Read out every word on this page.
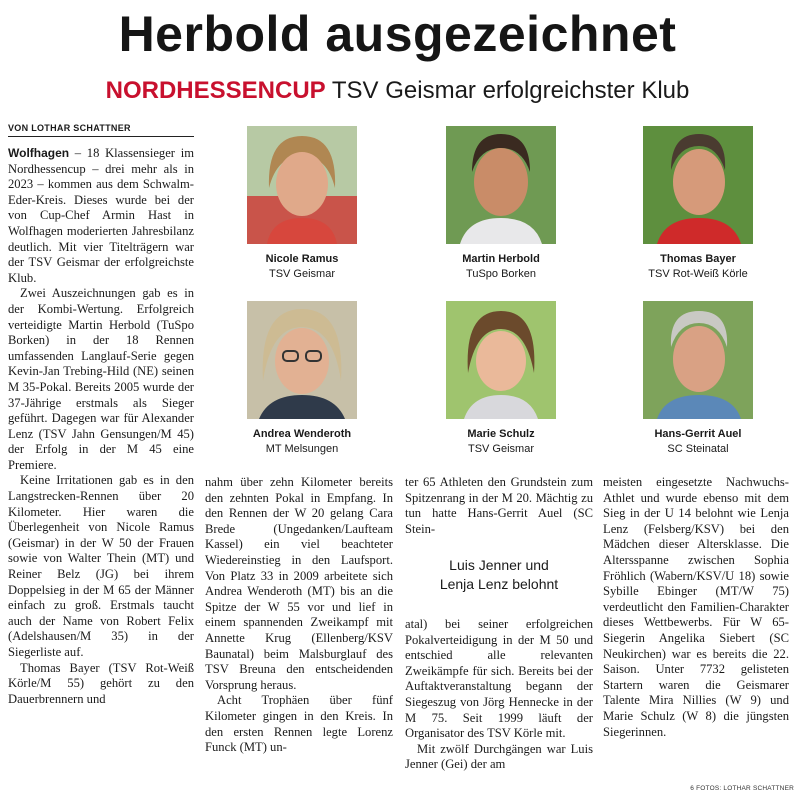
Herbold ausgezeichnet
NORDHESSENCUP TSV Geismar erfolgreichster Klub
VON LOTHAR SCHATTNER

Wolfhagen – 18 Klassensieger im Nordhessencup – drei mehr als in 2023 – kommen aus dem Schwalm-Eder-Kreis. Dieses wurde bei der von Cup-Chef Armin Hast in Wolfhagen moderierten Jahresbilanz deutlich. Mit vier Titelträgern war der TSV Geismar der erfolgreichste Klub.

Zwei Auszeichnungen gab es in der Kombi-Wertung. Erfolgreich verteidigte Martin Herbold (TuSpo Borken) in der 18 Rennen umfassenden Langlauf-Serie gegen Kevin-Jan Trebing-Hild (NE) seinen M 35-Pokal. Bereits 2005 wurde der 37-Jährige erstmals als Sieger geführt. Dagegen war für Alexander Lenz (TSV Jahn Gensungen/M 45) der Erfolg in der M 45 eine Premiere.

Keine Irritationen gab es in den Langstrecken-Rennen über 20 Kilometer. Hier waren die Überlegenheit von Nicole Ramus (Geismar) in der W 50 der Frauen sowie von Walter Thein (MT) und Reiner Belz (JG) bei ihrem Doppelsieg in der M 65 der Männer einfach zu groß. Erstmals taucht auch der Name von Robert Felix (Adelshausen/M 35) in der Siegerliste auf.

Thomas Bayer (TSV Rot-Weiß Körle/M 55) gehört zu den Dauerbrennern und

Nicole Ramus
TSV Geismar
Martin Herbold
TuSpo Borken
Thomas Bayer
TSV Rot-Weiß Körle
Andrea Wenderoth
MT Melsungen
Marie Schulz
TSV Geismar
Hans-Gerrit Auel
SC Steinatal

nahm über zehn Kilometer bereits den zehnten Pokal in Empfang. In den Rennen der W 20 gelang Cara Brede (Ungedanken/Laufteam Kassel) ein viel beachteter Wiedereinstieg in den Laufsport. Von Platz 33 in 2009 arbeitete sich Andrea Wenderoth (MT) bis an die Spitze der W 55 vor und lief in einem spannenden Zweikampf mit Annette Krug (Ellenberg/KSV Baunatal) beim Malsburglauf des TSV Breuna den entscheidenden Vorsprung heraus.

Acht Trophäen über fünf Kilometer gingen in den Kreis. In den ersten Rennen legte Lorenz Funck (MT) un-

ter 65 Athleten den Grundstein zum Spitzenrang in der M 20. Mächtig zu tun hatte Hans-Gerrit Auel (SC Stein-

Luis Jenner und
Lenja Lenz belohnt

atal) bei seiner erfolgreichen Pokalverteidigung in der M 50 und entschied alle relevanten Zweikämpfe für sich. Bereits bei der Auftaktveranstaltung begann der Siegeszug von Jörg Hennecke in der M 75. Seit 1999 läuft der Organisator des TSV Körle mit.

Mit zwölf Durchgängen war Luis Jenner (Gei) der am

meisten eingesetzte Nachwuchs-Athlet und wurde ebenso mit dem Sieg in der U 14 belohnt wie Lenja Lenz (Felsberg/KSV) bei den Mädchen dieser Altersklasse. Die Altersspanne zwischen Sophia Fröhlich (Wabern/KSV/U 18) sowie Sybille Ebinger (MT/W 75) verdeutlicht den Familien-Charakter dieses Wettbewerbs. Für W 65-Siegerin Angelika Siebert (SC Neukirchen) war es bereits die 22. Saison. Unter 7732 gelisteten Startern waren die Geismarer Talente Mira Nillies (W 9) und Marie Schulz (W 8) die jüngsten Siegerinnen.

6 FOTOS: LOTHAR SCHATTNER
